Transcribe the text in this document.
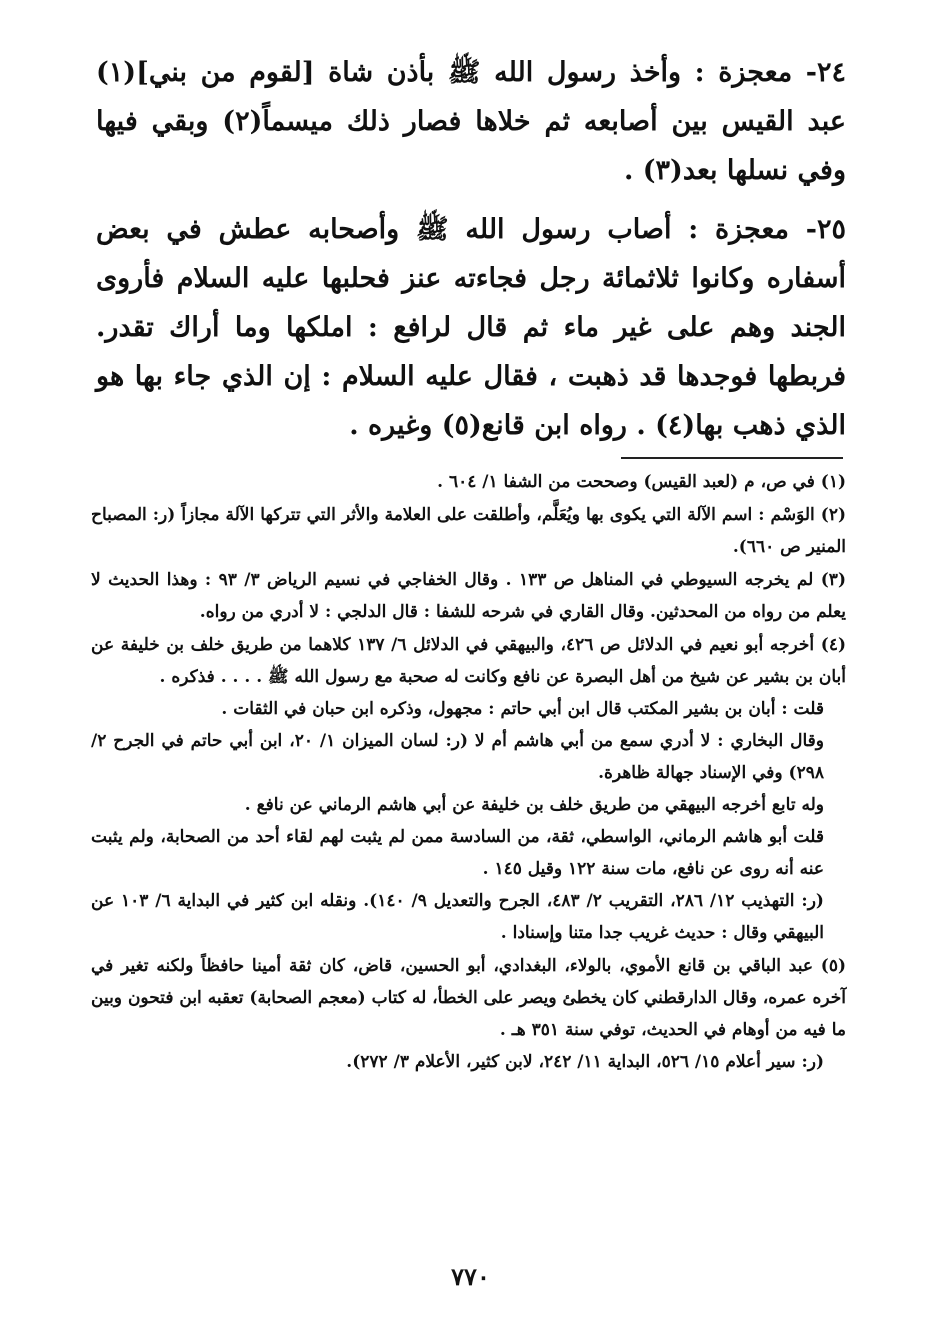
٢٤- معجزة : وأخذ رسول الله ﷺ بأذن شاة [لقوم من بني](١) عبد القيس بين أصابعه ثم خلاها فصار ذلك ميسماً(٢) وبقي فيها وفي نسلها بعد(٣) .
٢٥- معجزة : أصاب رسول الله ﷺ وأصحابه عطش في بعض أسفاره وكانوا ثلاثمائة رجل فجاءته عنز فحلبها عليه السلام فأروى الجند وهم على غير ماء ثم قال لرافع : املكها وما أراك تقدر. فربطها فوجدها قد ذهبت ، فقال عليه السلام : إن الذي جاء بها هو الذي ذهب بها(٤) . رواه ابن قانع(٥) وغيره .
(١) في ص، م (لعبد القيس) وصححت من الشفا ١/ ٦٠٤ .
(٢) الوَسْم : اسم الآلة التي يكوى بها ويُعَلَّم، وأطلقت على العلامة والأثر التي تتركها الآلة مجازاً (ر: المصباح المنير ص ٦٦٠).
(٣) لم يخرجه السيوطي في المناهل ص ١٣٣ . وقال الخفاجي في نسيم الرياض ٣/ ٩٣ : وهذا الحديث لا يعلم من رواه من المحدثين. وقال القاري في شرحه للشفا : قال الدلجي : لا أدري من رواه.
(٤) أخرجه أبو نعيم في الدلائل ص ٤٢٦، والبيهقي في الدلائل ٦/ ١٣٧ كلاهما من طريق خلف بن خليفة عن أبان بن بشير عن شيخ من أهل البصرة عن نافع وكانت له صحبة مع رسول الله ﷺ . . . . فذكره .
قلت : أبان بن بشير المكتب قال ابن أبي حاتم : مجهول، وذكره ابن حبان في الثقات .
وقال البخاري : لا أدري سمع من أبي هاشم أم لا (ر: لسان الميزان ١/ ٢٠، ابن أبي حاتم في الجرح ٢/ ٢٩٨) وفي الإسناد جهالة ظاهرة.
وله تابع أخرجه البيهقي من طريق خلف بن خليفة عن أبي هاشم الرماني عن نافع .
قلت أبو هاشم الرماني، الواسطي، ثقة، من السادسة ممن لم يثبت لهم لقاء أحد من الصحابة، ولم يثبت عنه أنه روى عن نافع، مات سنة ١٢٢ وقيل ١٤٥ .
(ر: التهذيب ١٢/ ٢٨٦، التقريب ٢/ ٤٨٣، الجرح والتعديل ٩/ ١٤٠). ونقله ابن كثير في البداية ٦/ ١٠٣ عن البيهقي وقال : حديث غريب جدا متنا وإسنادا .
(٥) عبد الباقي بن قانع الأموي، بالولاء، البغدادي، أبو الحسين، قاض، كان ثقة أمينا حافظاً ولكنه تغير في آخره عمره، وقال الدارقطني كان يخطئ ويصر على الخطأ، له كتاب (معجم الصحابة) تعقبه ابن فتحون وبين ما فيه من أوهام في الحديث، توفي سنة ٣٥١ هـ .
(ر: سير أعلام ١٥/ ٥٢٦، البداية ١١/ ٢٤٢، لابن كثير، الأعلام ٣/ ٢٧٢).
٧٧٠
